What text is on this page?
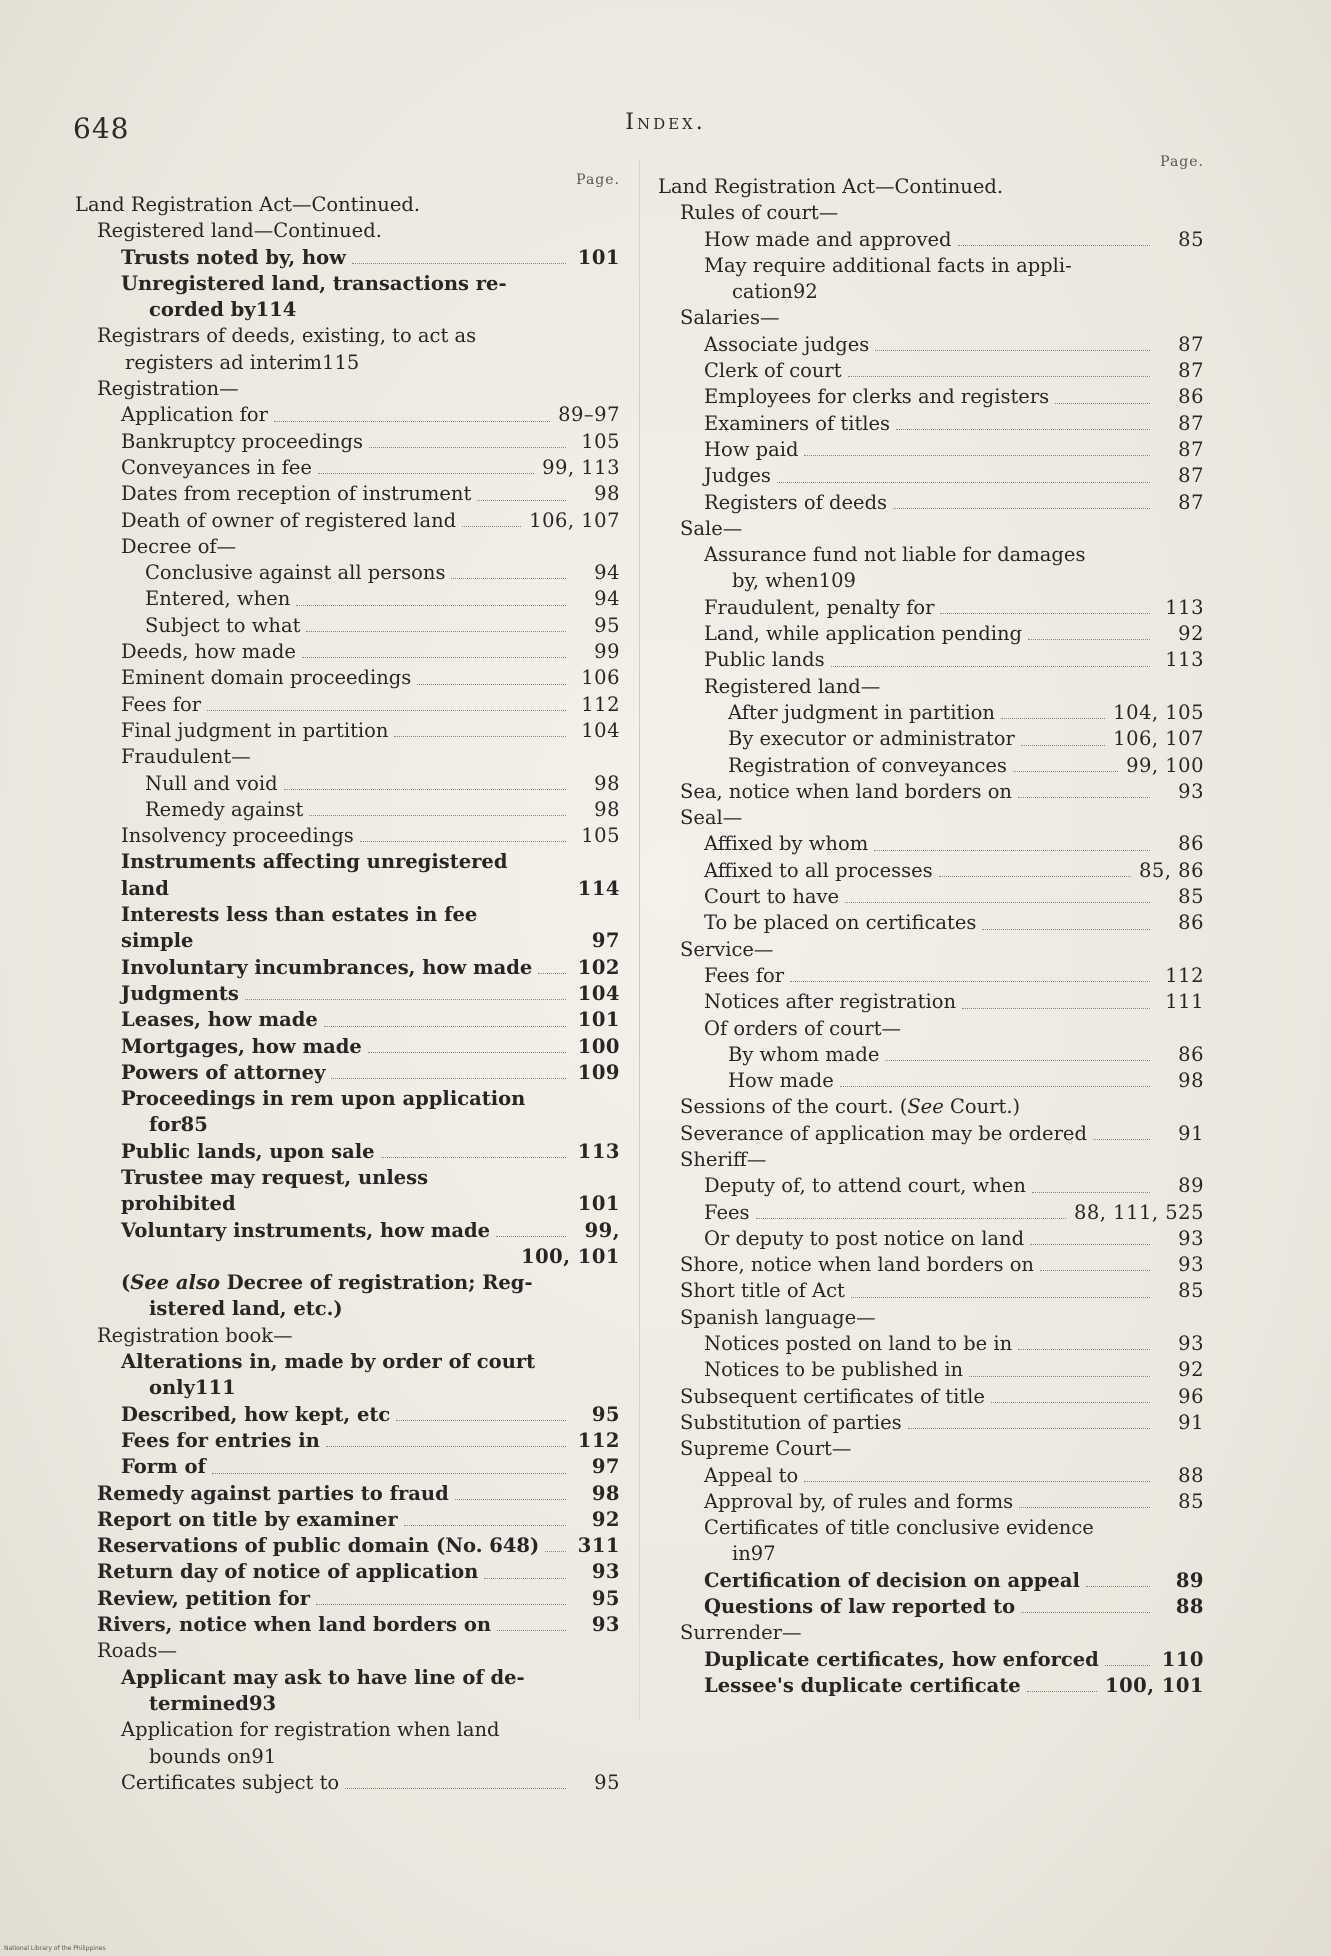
648	Index.
Page.
Land Registration Act—Continued.
Registered land—Continued.
Trusts noted by, how	101
Unregistered land, transactions re-
corded by 114
Registrars of deeds, existing, to act as
registers ad interim 115
Registration—
Application for	89–97
Bankruptcy proceedings	105
Conveyances in fee	99, 113
Dates from reception of instrument	98
Death of owner of registered land	106, 107
Decree of—
Conclusive against all persons	94
Entered, when	94
Subject to what	95
Deeds, how made	99
Eminent domain proceedings	106
Fees for	112
Final judgment in partition	104
Fraudulent—
Null and void	98
Remedy against	98
Insolvency proceedings	105
Instruments affecting unregistered land	114
Interests less than estates in fee simple	97
Involuntary incumbrances, how made 102
Judgments	104
Leases, how made	101
Mortgages, how made	100
Powers of attorney	109
Proceedings in rem upon application
for 85
Public lands, upon sale	113
Trustee may request, unless prohibited	101
Voluntary instruments, how made	99,
100, 101
(See also Decree of registration; Reg-
istered land, etc.)
Registration book—
Alterations in, made by order of court
only 111
Described, how kept, etc	95
Fees for entries in	112
Form of	97
Remedy against parties to fraud	98
Report on title by examiner	92
Reservations of public domain (No. 648) 311
Return day of notice of application	93
Review, petition for	95
Rivers, notice when land borders on	93
Roads—
Applicant may ask to have line of de-
termined 93
Application for registration when land
bounds on 91
Certificates subject to	95
Page.
Land Registration Act—Continued.
Rules of court—
How made and approved	85
May require additional facts in appli-
cation 92
Salaries—
Associate judges	87
Clerk of court	87
Employees for clerks and registers	86
Examiners of titles	87
How paid	87
Judges	87
Registers of deeds	87
Sale—
Assurance fund not liable for damages
by, when 109
Fraudulent, penalty for	113
Land, while application pending	92
Public lands	113
Registered land—
After judgment in partition	104, 105
By executor or administrator	106, 107
Registration of conveyances	99, 100
Sea, notice when land borders on	93
Seal—
Affixed by whom	86
Affixed to all processes	85, 86
Court to have	85
To be placed on certificates	86
Service—
Fees for	112
Notices after registration	111
Of orders of court—
By whom made	86
How made	98
Sessions of the court. (See Court.)
Severance of application may be ordered	91
Sheriff—
Deputy of, to attend court, when	89
Fees	88, 111, 525
Or deputy to post notice on land	93
Shore, notice when land borders on	93
Short title of Act	85
Spanish language—
Notices posted on land to be in	93
Notices to be published in	92
Subsequent certificates of title	96
Substitution of parties	91
Supreme Court—
Appeal to	88
Approval by, of rules and forms	85
Certificates of title conclusive evidence
in 97
Certification of decision on appeal	89
Questions of law reported to	88
Surrender—
Duplicate certificates, how enforced	110
Lessee's duplicate certificate	100, 101
National Library of the Philippines
